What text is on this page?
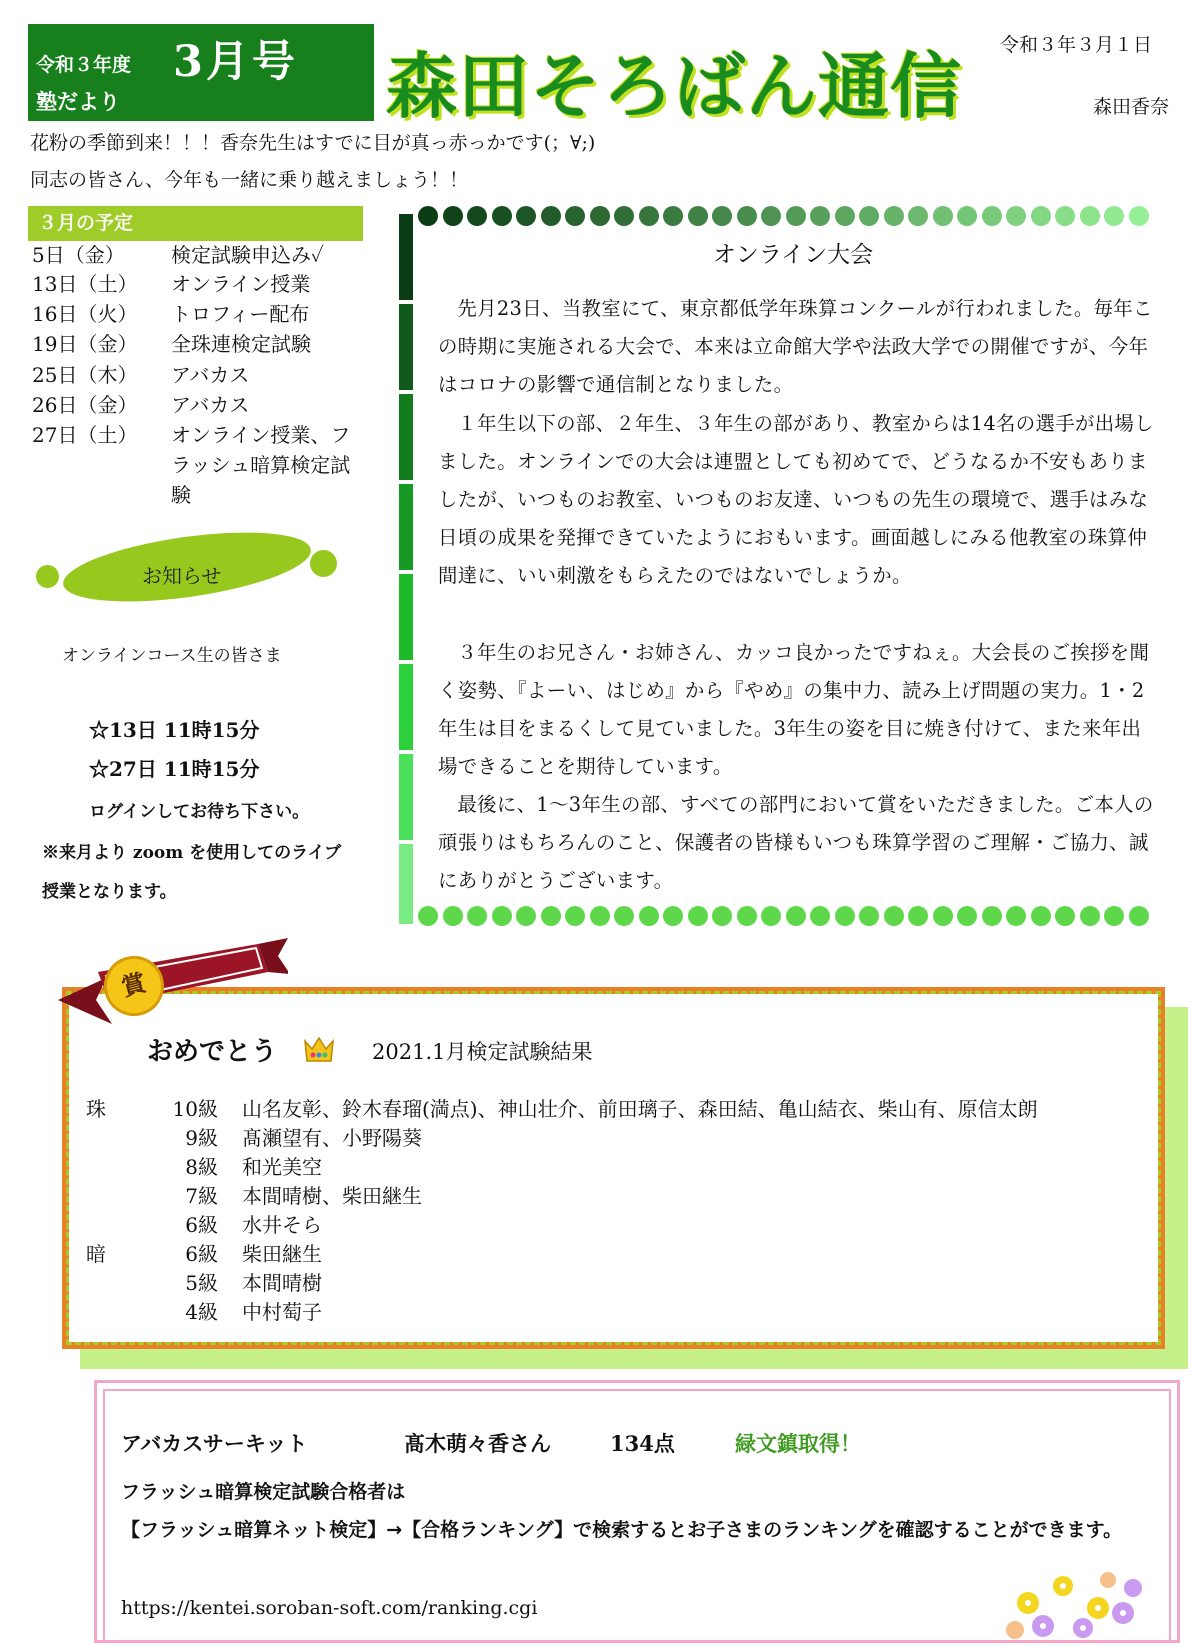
令和３年度 3月号
塾だより	森田そろばん通信 令和３年３月１日
森田香奈
花粉の季節到来！！！香奈先生はすでに目が真っ赤っかです(；∀;)
同志の皆さん、今年も一緒に乗り越えましょう！！
３月の予定
5日（金）	検定試験申込み✓
13日（土）	オンライン授業
16日（火）	トロフィー配布
19日（金）	全珠連検定試験
25日（木）	アバカス
26日（金）	アバカス
27日（土）	オンライン授業、フラッシュ暗算検定試験
お知らせ
オンラインコース生の皆さま
☆13日 11時15分
☆27日 11時15分
ログインしてお待ち下さい。
※来月より zoom を使用してのライブ授業となります。
オンライン大会
先月23日、当教室にて、東京都低学年珠算コンクールが行われました。毎年この時期に実施される大会で、本来は立命館大学や法政大学での開催ですが、今年はコロナの影響で通信制となりました。
１年生以下の部、２年生、３年生の部があり、教室からは14名の選手が出場しました。オンラインでの大会は連盟としても初めてで、どうなるか不安もありましたが、いつものお教室、いつものお友達、いつもの先生の環境で、選手はみな日頃の成果を発揮できていたようにおもいます。画面越しにみる他教室の珠算仲間達に、いい刺激をもらえたのではないでしょうか。
３年生のお兄さん・お姉さん、カッコ良かったですねぇ。大会長のご挨拶を聞く姿勢、『よーい、はじめ』から『やめ』の集中力、読み上げ問題の実力。1・2年生は目をまるくして見ていました。3年生の姿を目に焼き付けて、また来年出場できることを期待しています。
最後に、1～3年生の部、すべての部門において賞をいただきました。ご本人の頑張りはもちろんのこと、保護者の皆様もいつも珠算学習のご理解・ご協力、誠にありがとうございます。
賞
おめでとう	2021.1月検定試験結果
珠	10級 山名友彰、鈴木春瑠(満点)、神山壮介、前田璃子、森田結、亀山結衣、柴山有、原信太朗
9級 髙瀬望有、小野陽葵
8級 和光美空
7級 本間晴樹、柴田継生
6級 水井そら
暗	6級 柴田継生
5級 本間晴樹
4級 中村萄子
アバカスサーキット	髙木萌々香さん	134点	緑文鎮取得！
フラッシュ暗算検定試験合格者は
【フラッシュ暗算ネット検定】→【合格ランキング】で検索するとお子さまのランキングを確認することができます。
https://kentei.soroban-soft.com/ranking.cgi
